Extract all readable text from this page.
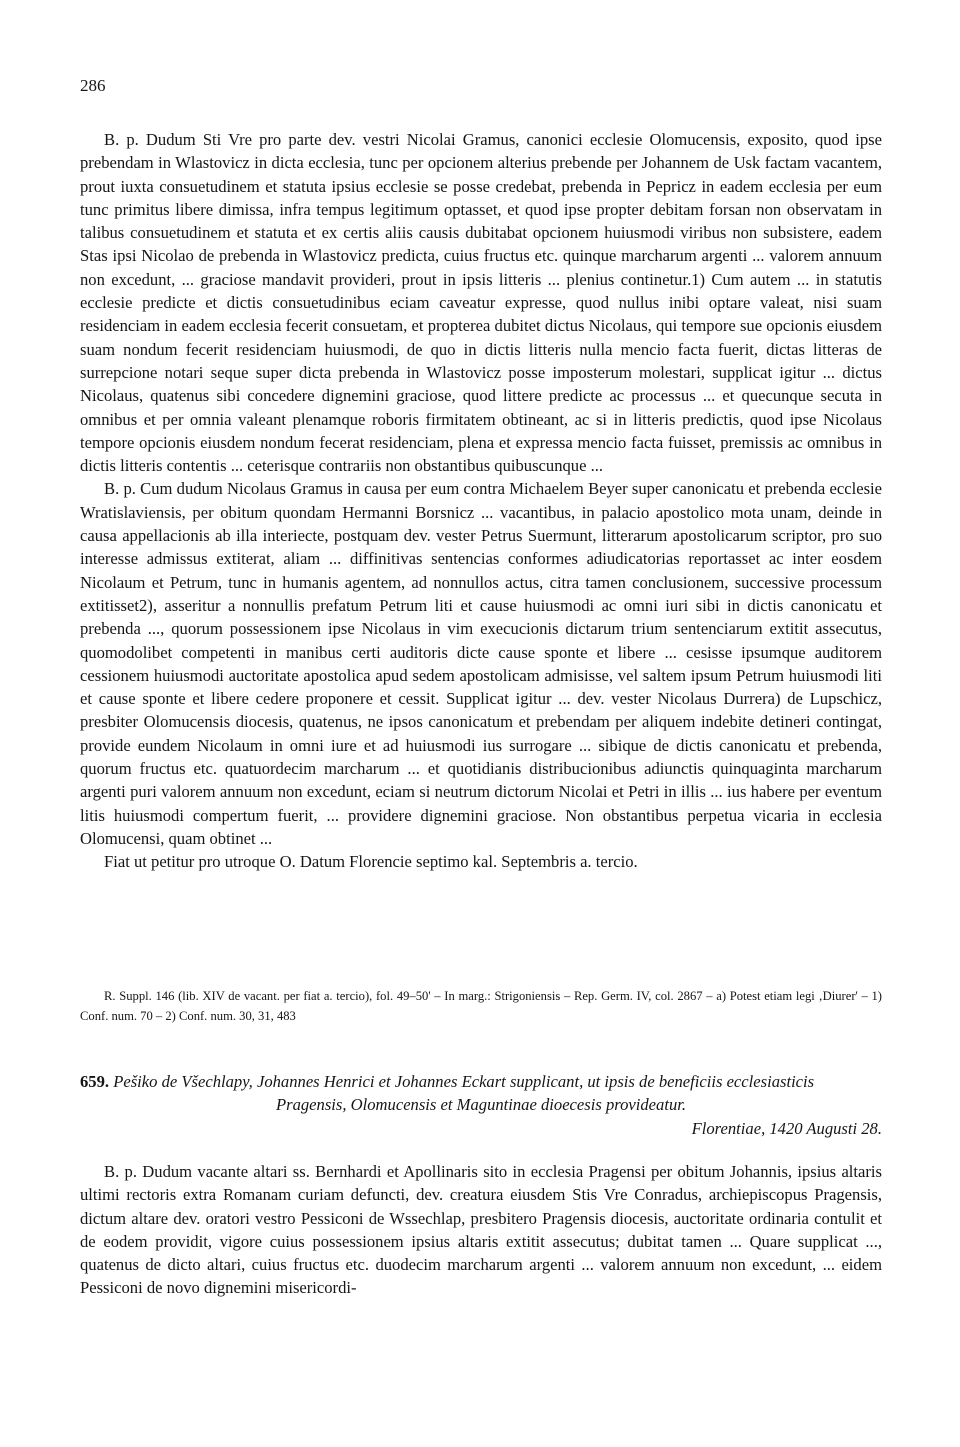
286

B. p. Dudum Sti Vre pro parte dev. vestri Nicolai Gramus, canonici ecclesie Olomucensis, exposito, quod ipse prebendam in Wlastovicz in dicta ecclesia, tunc per opcionem alterius prebende per Johannem de Usk factam vacantem, prout iuxta consuetudinem et statuta ipsius ecclesie se posse credebat, prebenda in Pepricz in eadem ecclesia per eum tunc primitus libere dimissa, infra tempus legitimum optasset, et quod ipse propter debitam forsan non observatam in talibus consuetudinem et statuta et ex certis aliis causis dubitabat opcionem huiusmodi viribus non subsistere, eadem Stas ipsi Nicolao de prebenda in Wlastovicz predicta, cuius fructus etc. quinque marcharum argenti ... valorem annuum non excedunt, ... graciose mandavit provideri, prout in ipsis litteris ... plenius continetur.1) Cum autem ... in statutis ecclesie predicte et dictis consuetudinibus eciam caveatur expresse, quod nullus inibi optare valeat, nisi suam residenciam in eadem ecclesia fecerit consuetam, et propterea dubitet dictus Nicolaus, qui tempore sue opcionis eiusdem suam nondum fecerit residenciam huiusmodi, de quo in dictis litteris nulla mencio facta fuerit, dictas litteras de surrepcione notari seque super dicta prebenda in Wlastovicz posse imposterum molestari, supplicat igitur ... dictus Nicolaus, quatenus sibi concedere dignemini graciose, quod littere predicte ac processus ... et quecunque secuta in omnibus et per omnia valeant plenamque roboris firmitatem obtineant, ac si in litteris predictis, quod ipse Nicolaus tempore opcionis eiusdem nondum fecerat residenciam, plena et expressa mencio facta fuisset, premissis ac omnibus in dictis litteris contentis ... ceterisque contrariis non obstantibus quibuscunque ...

B. p. Cum dudum Nicolaus Gramus in causa per eum contra Michaelem Beyer super canonicatu et prebenda ecclesie Wratislaviensis, per obitum quondam Hermanni Borsnicz ... vacantibus, in palacio apostolico mota unam, deinde in causa appellacionis ab illa interiecte, postquam dev. vester Petrus Suermunt, litterarum apostolicarum scriptor, pro suo interesse admissus extiterat, aliam ... diffinitivas sentencias conformes adiudicatorias reportasset ac inter eosdem Nicolaum et Petrum, tunc in humanis agentem, ad nonnullos actus, citra tamen conclusionem, successive processum extitisset2), asseritur a nonnullis prefatum Petrum liti et cause huiusmodi ac omni iuri sibi in dictis canonicatu et prebenda ..., quorum possessionem ipse Nicolaus in vim execucionis dictarum trium sentenciarum extitit assecutus, quomodolibet competenti in manibus certi auditoris dicte cause sponte et libere ... cesisse ipsumque auditorem cessionem huiusmodi auctoritate apostolica apud sedem apostolicam admisisse, vel saltem ipsum Petrum huiusmodi liti et cause sponte et libere cedere proponere et cessit. Supplicat igitur ... dev. vester Nicolaus Durrera) de Lupschicz, presbiter Olomucensis diocesis, quatenus, ne ipsos canonicatum et prebendam per aliquem indebite detineri contingat, provide eundem Nicolaum in omni iure et ad huiusmodi ius surrogare ... sibique de dictis canonicatu et prebenda, quorum fructus etc. quatuordecim marcharum ... et quotidianis distribucionibus adiunctis quinquaginta marcharum argenti puri valorem annuum non excedunt, eciam si neutrum dictorum Nicolai et Petri in illis ... ius habere per eventum litis huiusmodi compertum fuerit, ... providere dignemini graciose. Non obstantibus perpetua vicaria in ecclesia Olomucensi, quam obtinet ...

Fiat ut petitur pro utroque O. Datum Florencie septimo kal. Septembris a. tercio.

R. Suppl. 146 (lib. XIV de vacant. per fiat a. tercio), fol. 49–50' – In marg.: Strigoniensis – Rep. Germ. IV, col. 2867 – a) Potest etiam legi ‚Diurer' – 1) Conf. num. 70 – 2) Conf. num. 30, 31, 483
659. Pešiko de Všechlapy, Johannes Henrici et Johannes Eckart supplicant, ut ipsis de beneficiis ecclesiasticis
Pragensis, Olomucensis et Maguntinae dioecesis provideatur.
Florentiae, 1420 Augusti 28.

B. p. Dudum vacante altari ss. Bernhardi et Apollinaris sito in ecclesia Pragensi per obitum Johannis, ipsius altaris ultimi rectoris extra Romanam curiam defuncti, dev. creatura eiusdem Stis Vre Conradus, archiepiscopus Pragensis, dictum altare dev. oratori vestro Pessiconi de Wssechlap, presbitero Pragensis diocesis, auctoritate ordinaria contulit et de eodem providit, vigore cuius possessionem ipsius altaris extitit assecutus; dubitat tamen ... Quare supplicat ..., quatenus de dicto altari, cuius fructus etc. duodecim marcharum argenti ... valorem annuum non excedunt, ... eidem Pessiconi de novo dignemini misericordi-
